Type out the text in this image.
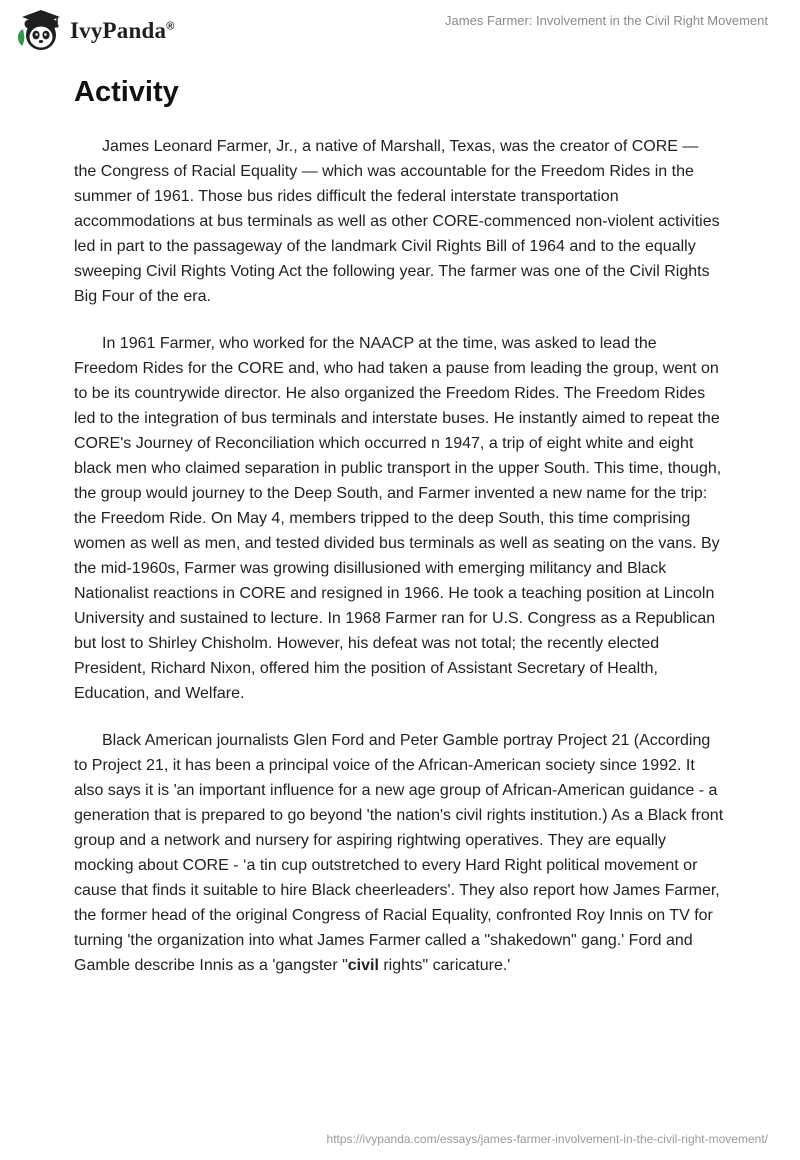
IvyPanda®	James Farmer: Involvement in the Civil Right Movement
Activity

James Leonard Farmer, Jr., a native of Marshall, Texas, was the creator of CORE — the Congress of Racial Equality — which was accountable for the Freedom Rides in the summer of 1961. Those bus rides difficult the federal interstate transportation accommodations at bus terminals as well as other CORE-commenced non-violent activities led in part to the passageway of the landmark Civil Rights Bill of 1964 and to the equally sweeping Civil Rights Voting Act the following year. The farmer was one of the Civil Rights Big Four of the era.

In 1961 Farmer, who worked for the NAACP at the time, was asked to lead the Freedom Rides for the CORE and, who had taken a pause from leading the group, went on to be its countrywide director. He also organized the Freedom Rides. The Freedom Rides led to the integration of bus terminals and interstate buses. He instantly aimed to repeat the CORE's Journey of Reconciliation which occurred n 1947, a trip of eight white and eight black men who claimed separation in public transport in the upper South. This time, though, the group would journey to the Deep South, and Farmer invented a new name for the trip: the Freedom Ride. On May 4, members tripped to the deep South, this time comprising women as well as men, and tested divided bus terminals as well as seating on the vans. By the mid-1960s, Farmer was growing disillusioned with emerging militancy and Black Nationalist reactions in CORE and resigned in 1966. He took a teaching position at Lincoln University and sustained to lecture. In 1968 Farmer ran for U.S. Congress as a Republican but lost to Shirley Chisholm. However, his defeat was not total; the recently elected President, Richard Nixon, offered him the position of Assistant Secretary of Health, Education, and Welfare.

Black American journalists Glen Ford and Peter Gamble portray Project 21 (According to Project 21, it has been a principal voice of the African-American society since 1992. It also says it is 'an important influence for a new age group of African-American guidance - a generation that is prepared to go beyond 'the nation's civil rights institution.) As a Black front group and a network and nursery for aspiring rightwing operatives. They are equally mocking about CORE - ‘a tin cup outstretched to every Hard Right political movement or cause that finds it suitable to hire Black cheerleaders'. They also report how James Farmer, the former head of the original Congress of Racial Equality, confronted Roy Innis on TV for turning 'the organization into what James Farmer called a "shakedown" gang.' Ford and Gamble describe Innis as a 'gangster "civil rights" caricature.'

https://ivypanda.com/essays/james-farmer-involvement-in-the-civil-right-movement/
